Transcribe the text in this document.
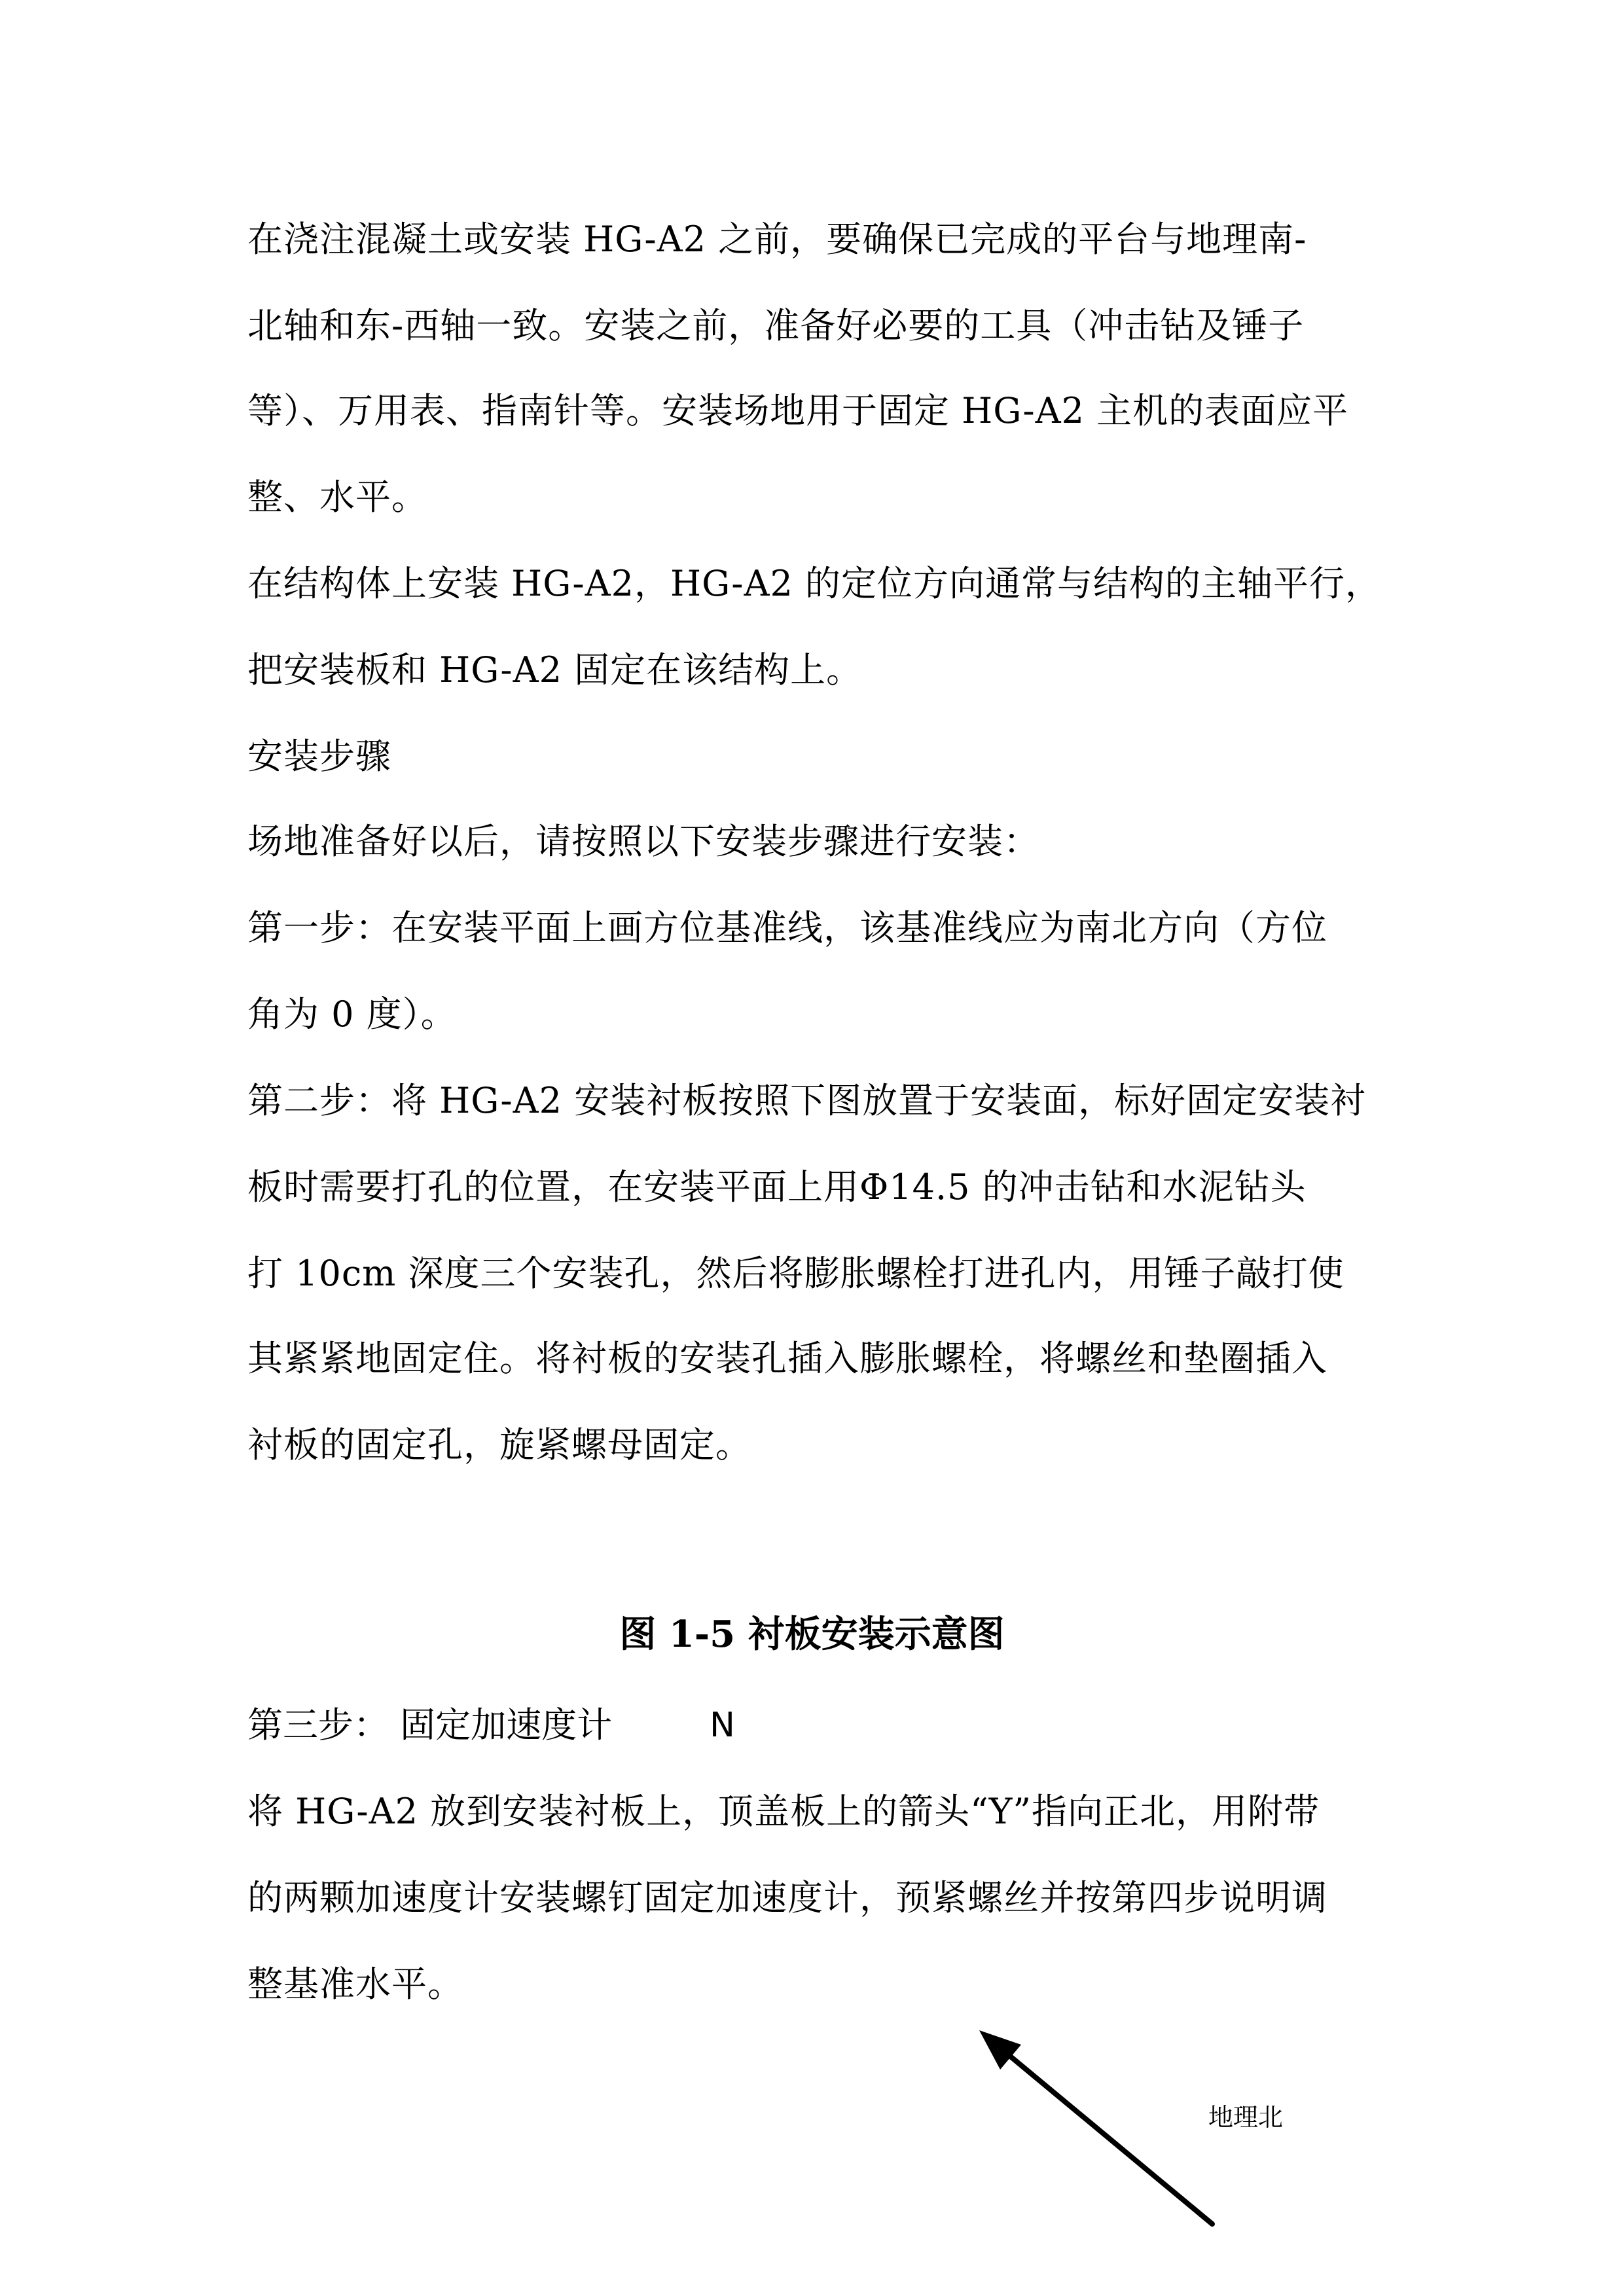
在浇注混凝土或安装 HG-A2 之前，要确保已完成的平台与地理南-
北轴和东-西轴一致。安装之前，准备好必要的工具（冲击钻及锤子
等）、万用表、指南针等。安装场地用于固定 HG-A2 主机的表面应平
整、水平。
在结构体上安装 HG-A2，HG-A2 的定位方向通常与结构的主轴平行，
把安装板和 HG-A2 固定在该结构上。
安装步骤
场地准备好以后，请按照以下安装步骤进行安装：
第一步：在安装平面上画方位基准线，该基准线应为南北方向（方位
角为 0 度）。
第二步：将 HG-A2 安装衬板按照下图放置于安装面，标好固定安装衬
板时需要打孔的位置，在安装平面上用Φ14.5 的冲击钻和水泥钻头
打 10cm 深度三个安装孔，然后将膨胀螺栓打进孔内，用锤子敲打使
其紧紧地固定住。将衬板的安装孔插入膨胀螺栓，将螺丝和垫圈插入
衬板的固定孔，旋紧螺母固定。
图 1-5 衬板安装示意图
第三步： 固定加速度计	N
将 HG-A2 放到安装衬板上，顶盖板上的箭头“Y”指向正北，用附带
的两颗加速度计安装螺钉固定加速度计，预紧螺丝并按第四步说明调
整基准水平。
地理北
